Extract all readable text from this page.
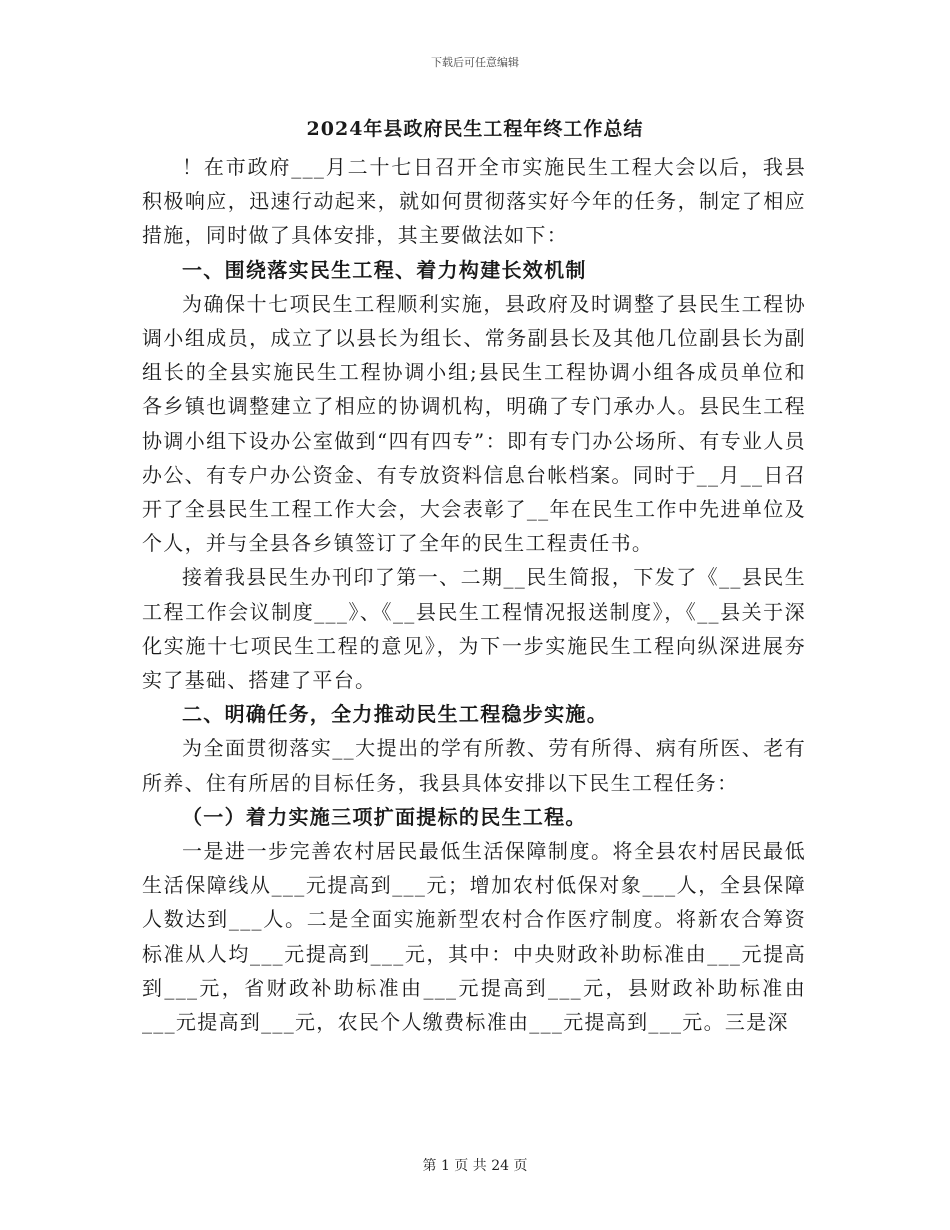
下载后可任意编辑
2024年县政府民生工程年终工作总结

！在市政府___月二十七日召开全市实施民生工程大会以后，我县积极响应，迅速行动起来，就如何贯彻落实好今年的任务，制定了相应措施，同时做了具体安排，其主要做法如下：

一、围绕落实民生工程、着力构建长效机制

为确保十七项民生工程顺利实施，县政府及时调整了县民生工程协调小组成员，成立了以县长为组长、常务副县长及其他几位副县长为副组长的全县实施民生工程协调小组;县民生工程协调小组各成员单位和各乡镇也调整建立了相应的协调机构，明确了专门承办人。县民生工程协调小组下设办公室做到“四有四专”：即有专门办公场所、有专业人员办公、有专户办公资金、有专放资料信息台帐档案。同时于__月__日召开了全县民生工程工作大会，大会表彰了__年在民生工作中先进单位及个人，并与全县各乡镇签订了全年的民生工程责任书。

接着我县民生办刊印了第一、二期__民生简报，下发了《__县民生工程工作会议制度___》、《__县民生工程情况报送制度》，《__县关于深化实施十七项民生工程的意见》，为下一步实施民生工程向纵深进展夯实了基础、搭建了平台。

二、明确任务，全力推动民生工程稳步实施。

为全面贯彻落实__大提出的学有所教、劳有所得、病有所医、老有所养、住有所居的目标任务，我县具体安排以下民生工程任务：

（一）着力实施三项扩面提标的民生工程。

一是进一步完善农村居民最低生活保障制度。将全县农村居民最低生活保障线从___元提高到___元；增加农村低保对象___人，全县保障人数达到___人。二是全面实施新型农村合作医疗制度。将新农合筹资标准从人均___元提高到___元，其中：中央财政补助标准由___元提高到___元，省财政补助标准由___元提高到___元，县财政补助标准由___元提高到___元，农民个人缴费标准由___元提高到___元。三是深

第 1 页 共 24 页
